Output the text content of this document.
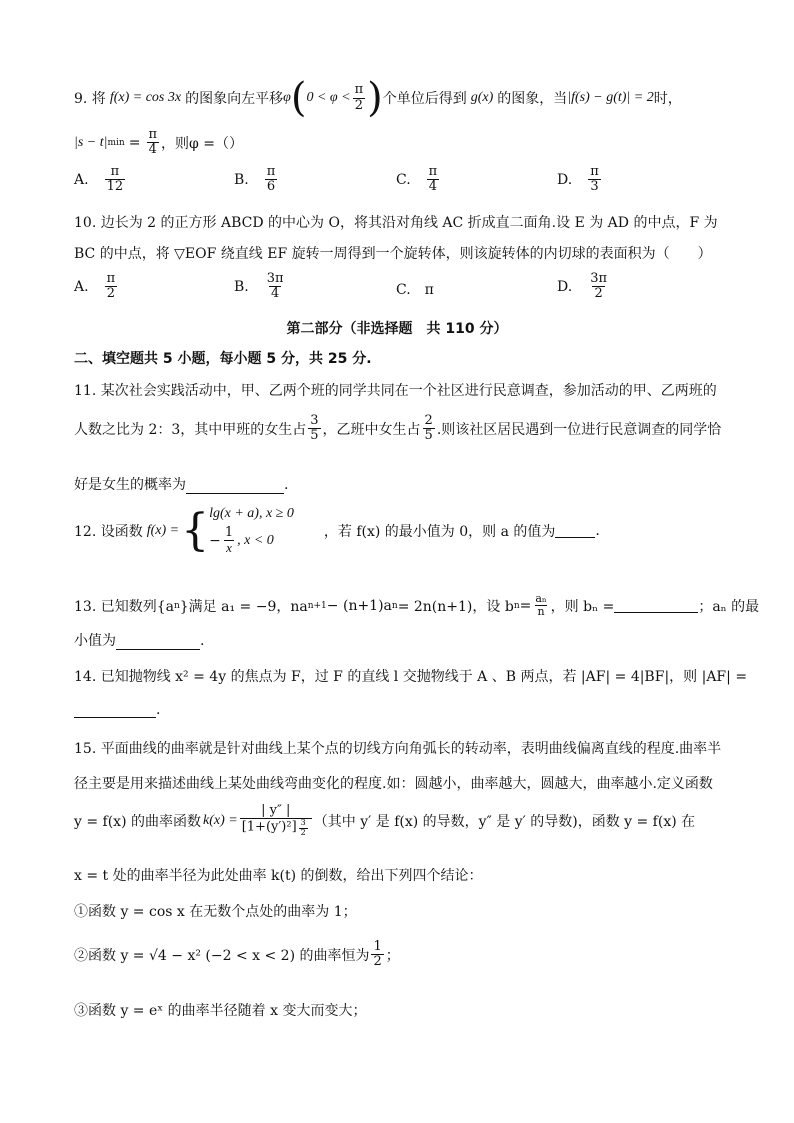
9. 将 f(x) = cos 3x 的图象向左平移 φ ( $0 < \varphi < \frac{\pi}{2}$ ) 个单位后得到 g(x) 的图象，当 |f(s) − g(t)| = 2 时，
|s − t| $\min = \frac{\pi}{4}$ ，则φ =（）
A. $\frac{\pi}{12}$	B. $\frac{\pi}{6}$	C. $\frac{\pi}{4}$	D. $\frac{\pi}{3}$
10. 边长为 2 的正方形 ABCD 的中心为 O，将其沿对角线 AC 折成直二面角.设 E 为 AD 的中点，F 为
BC 的中点，将 ▽EOF 绕直线 EF 旋转一周得到一个旋转体，则该旋转体的内切球的表面积为（　　）
A. $\frac{\pi}{2}$	B. $\frac{3\pi}{4}$	C. π	D. $\frac{3\pi}{2}$
第二部分（非选择题　共 110 分）
二、填空题共 5 小题，每小题 5 分，共 25 分.
11. 某次社会实践活动中，甲、乙两个班的同学共同在一个社区进行民意调查，参加活动的甲、乙两班的
人数之比为 2：3，其中甲班的女生占 $\frac{3}{5}$ ，乙班中女生占 $\frac{2}{5}$ .则该社区居民遇到一位进行民意调查的同学恰
好是女生的概率为	.
12. 设函数 f(x) = { lg(x + a), x ≥ 0
− $\frac{1}{x}$ , x < 0
，若 f(x) 的最小值为 0，则 a 的值为	.
13. 已知数列{a n }满足 a₁ = −9，na n+1 − (n+1)a n = 2n(n+1)，设 b $n = \frac{\text{aₙ}}{n}$ ，则 bₙ =	；aₙ 的最
小值为	.
14. 已知抛物线 x² = 4y 的焦点为 F，过 F 的直线 l 交抛物线于 A 、B 两点，若 |AF| = 4|BF|，则 |AF| =
.
15. 平面曲线的曲率就是针对曲线上某个点的切线方向角弧长的转动率，表明曲线偏离直线的程度.曲率半
径主要是用来描述曲线上某处曲线弯曲变化的程度.如：圆越小，曲率越大，圆越大，曲率越小.定义函数
y = f(x) 的曲率函数 $k(x) = \frac{| y'' |}{[1+(y')^2] \frac{3}{2}}$ （其中 y′ 是 f(x) 的导数，y″ 是 y′ 的导数)，函数 y = f(x) 在
x = t 处的曲率半径为此处曲率 k(t) 的倒数，给出下列四个结论：
①函数 y = cos x 在无数个点处的曲率为 1；
②函数 y = √4 − x² (−2 < x < 2) 的曲率恒为 $\frac{1}{2}$ ；
③函数 y = eˣ 的曲率半径随着 x 变大而变大；
